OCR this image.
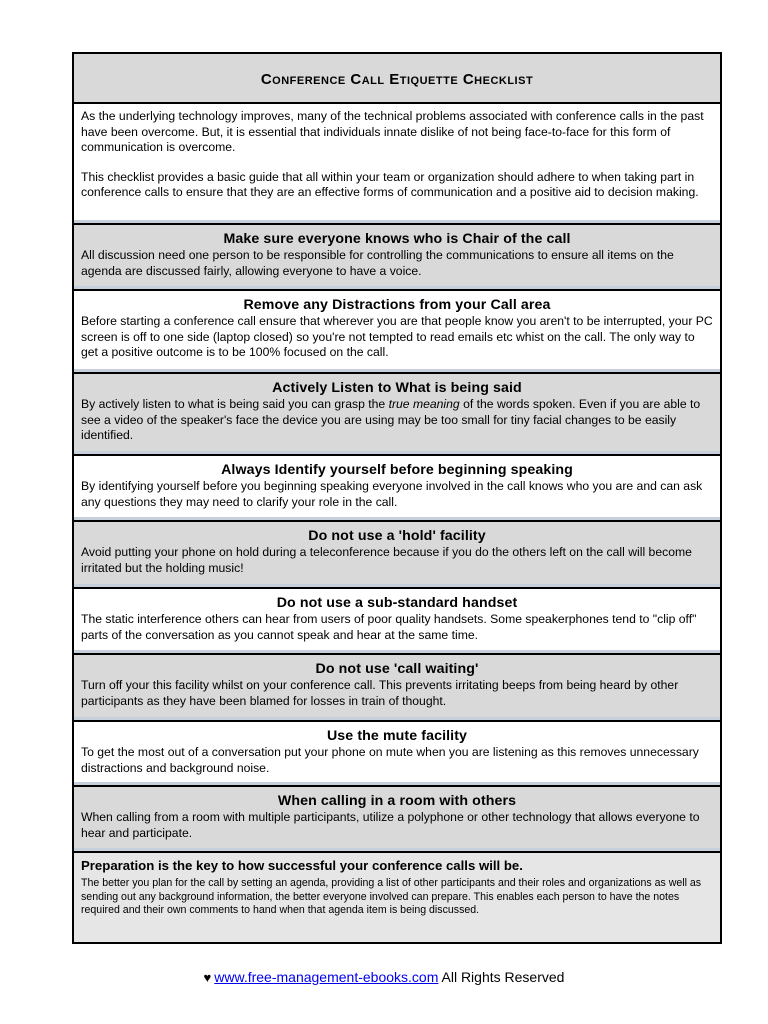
Conference Call Etiquette Checklist

As the underlying technology improves, many of the technical problems associated with conference calls in the past have been overcome. But, it is essential that individuals innate dislike of not being face-to-face for this form of communication is overcome.

This checklist provides a basic guide that all within your team or organization should adhere to when taking part in conference calls to ensure that they are an effective forms of communication and a positive aid to decision making.

Make sure everyone knows who is Chair of the call
All discussion need one person to be responsible for controlling the communications to ensure all items on the agenda are discussed fairly, allowing everyone to have a voice.
Remove any Distractions from your Call area
Before starting a conference call ensure that wherever you are that people know you aren't to be interrupted, your PC screen is off to one side (laptop closed) so you're not tempted to read emails etc whist on the call. The only way to get a positive outcome is to be 100% focused on the call.
Actively Listen to What is being said
By actively listen to what is being said you can grasp the true meaning of the words spoken. Even if you are able to see a video of the speaker's face the device you are using may be too small for tiny facial changes to be easily identified.
Always Identify yourself before beginning speaking
By identifying yourself before you beginning speaking everyone involved in the call knows who you are and can ask any questions they may need to clarify your role in the call.
Do not use a 'hold' facility
Avoid putting your phone on hold during a teleconference because if you do the others left on the call will become irritated but the holding music!
Do not use a sub-standard handset
The static interference others can hear from users of poor quality handsets. Some speakerphones tend to "clip off" parts of the conversation as you cannot speak and hear at the same time.
Do not use 'call waiting'
Turn off your this facility whilst on your conference call. This prevents irritating beeps from being heard by other participants as they have been blamed for losses in train of thought.
Use the mute facility
To get the most out of a conversation put your phone on mute when you are listening as this removes unnecessary distractions and background noise.
When calling in a room with others
When calling from a room with multiple participants, utilize a polyphone or other technology that allows everyone to hear and participate.
Preparation is the key to how successful your conference calls will be.
The better you plan for the call by setting an agenda, providing a list of other participants and their roles and organizations as well as sending out any background information, the better everyone involved can prepare. This enables each person to have the notes required and their own comments to hand when that agenda item is being discussed.
♥ www.free-management-ebooks.com All Rights Reserved
